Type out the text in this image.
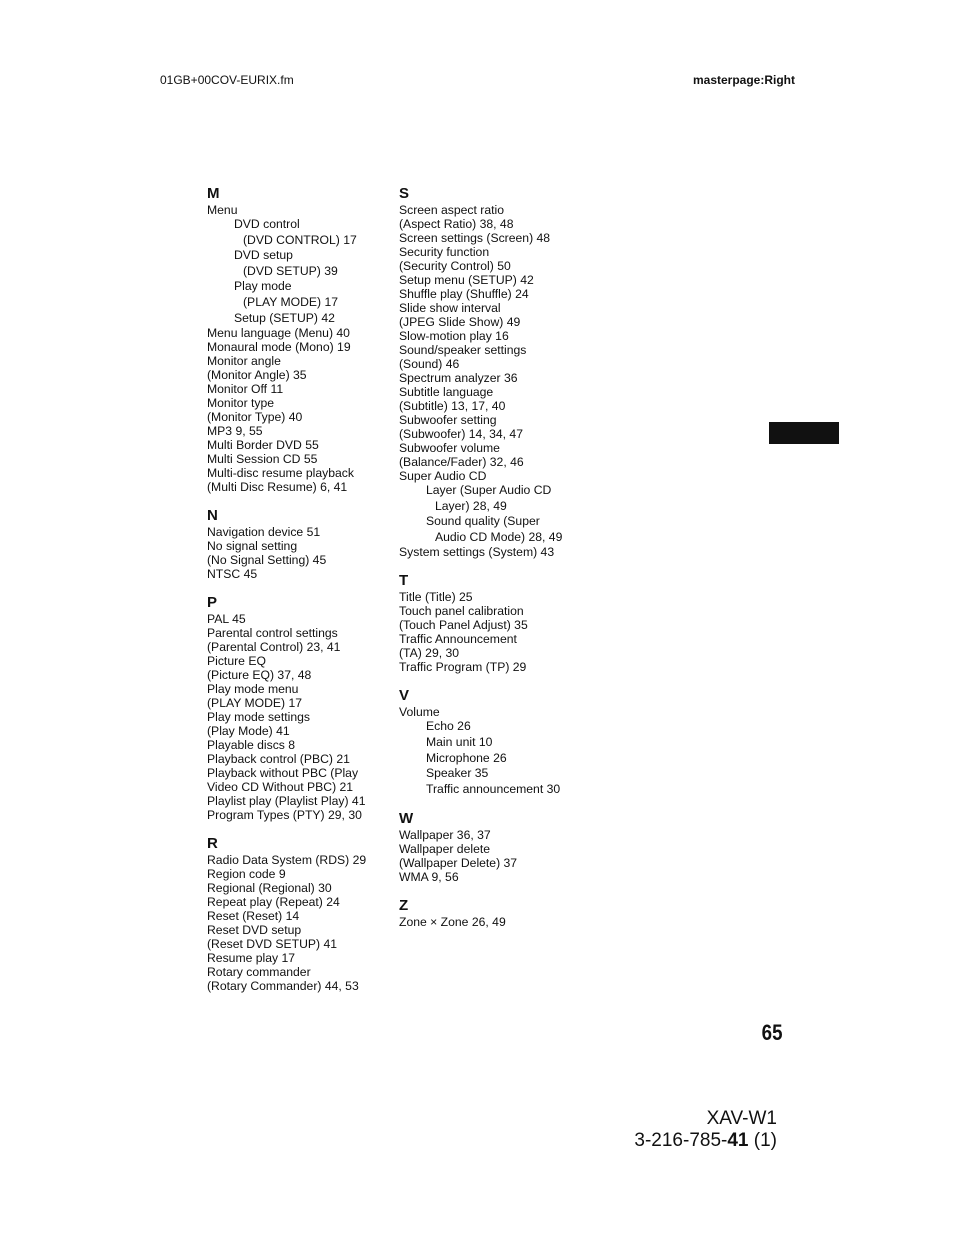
01GB+00COV-EURIX.fm	masterpage:Right
M
Menu
DVD control
(DVD CONTROL) 17
DVD setup
(DVD SETUP) 39
Play mode
(PLAY MODE) 17
Setup (SETUP) 42
Menu language (Menu) 40
Monaural mode (Mono) 19
Monitor angle
(Monitor Angle) 35
Monitor Off 11
Monitor type
(Monitor Type) 40
MP3 9, 55
Multi Border DVD 55
Multi Session CD 55
Multi-disc resume playback
(Multi Disc Resume) 6, 41
N
Navigation device 51
No signal setting
(No Signal Setting) 45
NTSC 45
P
PAL 45
Parental control settings
(Parental Control) 23, 41
Picture EQ
(Picture EQ) 37, 48
Play mode menu
(PLAY MODE) 17
Play mode settings
(Play Mode) 41
Playable discs 8
Playback control (PBC) 21
Playback without PBC (Play
Video CD Without PBC) 21
Playlist play (Playlist Play) 41
Program Types (PTY) 29, 30
R
Radio Data System (RDS) 29
Region code 9
Regional (Regional) 30
Repeat play (Repeat) 24
Reset (Reset) 14
Reset DVD setup
(Reset DVD SETUP) 41
Resume play 17
Rotary commander
(Rotary Commander) 44, 53
S
Screen aspect ratio
(Aspect Ratio) 38, 48
Screen settings (Screen) 48
Security function
(Security Control) 50
Setup menu (SETUP) 42
Shuffle play (Shuffle) 24
Slide show interval
(JPEG Slide Show) 49
Slow-motion play 16
Sound/speaker settings
(Sound) 46
Spectrum analyzer 36
Subtitle language
(Subtitle) 13, 17, 40
Subwoofer setting
(Subwoofer) 14, 34, 47
Subwoofer volume
(Balance/Fader) 32, 46
Super Audio CD
Layer (Super Audio CD
Layer) 28, 49
Sound quality (Super
Audio CD Mode) 28, 49
System settings (System) 43
T
Title (Title) 25
Touch panel calibration
(Touch Panel Adjust) 35
Traffic Announcement
(TA) 29, 30
Traffic Program (TP) 29
V
Volume
Echo 26
Main unit 10
Microphone 26
Speaker 35
Traffic announcement 30
W
Wallpaper 36, 37
Wallpaper delete
(Wallpaper Delete) 37
WMA 9, 56
Z
Zone × Zone 26, 49
65
XAV-W1
3-216-785-41 (1)
